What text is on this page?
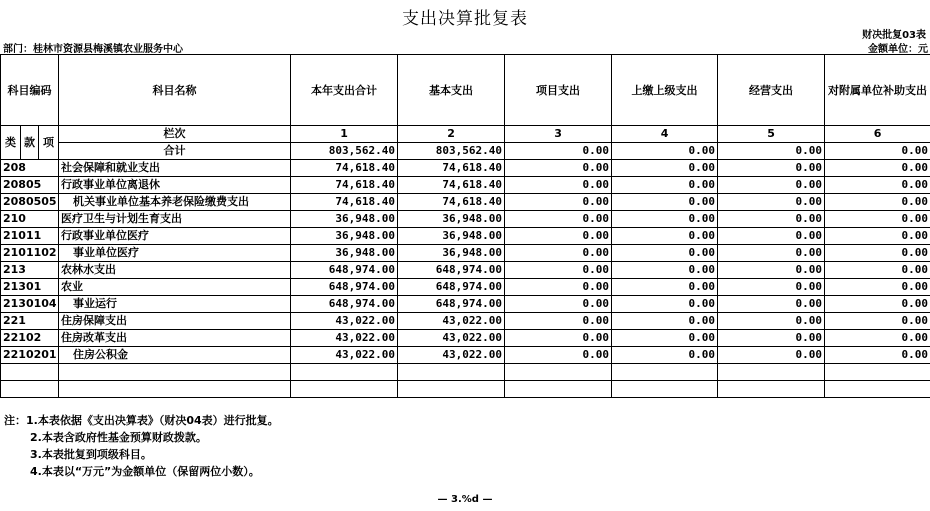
支出决算批复表
财决批复03表
部门：桂林市资源县梅溪镇农业服务中心	金额单位：元
科目编码			科目名称	本年支出合计	基本支出	项目支出	上缴上级支出	经营支出	对附属单位补助支出
类	款	项	栏次	1	2	3	4	5	6
			合计	803,562.40	803,562.40	0.00	0.00	0.00	0.00
208			社会保障和就业支出	74,618.40	74,618.40	0.00	0.00	0.00	0.00
20805			行政事业单位离退休	74,618.40	74,618.40	0.00	0.00	0.00	0.00
2080505			机关事业单位基本养老保险缴费支出	74,618.40	74,618.40	0.00	0.00	0.00	0.00
210			医疗卫生与计划生育支出	36,948.00	36,948.00	0.00	0.00	0.00	0.00
21011			行政事业单位医疗	36,948.00	36,948.00	0.00	0.00	0.00	0.00
2101102			事业单位医疗	36,948.00	36,948.00	0.00	0.00	0.00	0.00
213			农林水支出	648,974.00	648,974.00	0.00	0.00	0.00	0.00
21301			农业	648,974.00	648,974.00	0.00	0.00	0.00	0.00
2130104			事业运行	648,974.00	648,974.00	0.00	0.00	0.00	0.00
221			住房保障支出	43,022.00	43,022.00	0.00	0.00	0.00	0.00
22102			住房改革支出	43,022.00	43,022.00	0.00	0.00	0.00	0.00
2210201			住房公积金	43,022.00	43,022.00	0.00	0.00	0.00	0.00

注：1.本表依据《支出决算表》（财决04表）进行批复。
2.本表含政府性基金预算财政拨款。
3.本表批复到项级科目。
4.本表以“万元”为金额单位（保留两位小数）。
— 3.%d —
